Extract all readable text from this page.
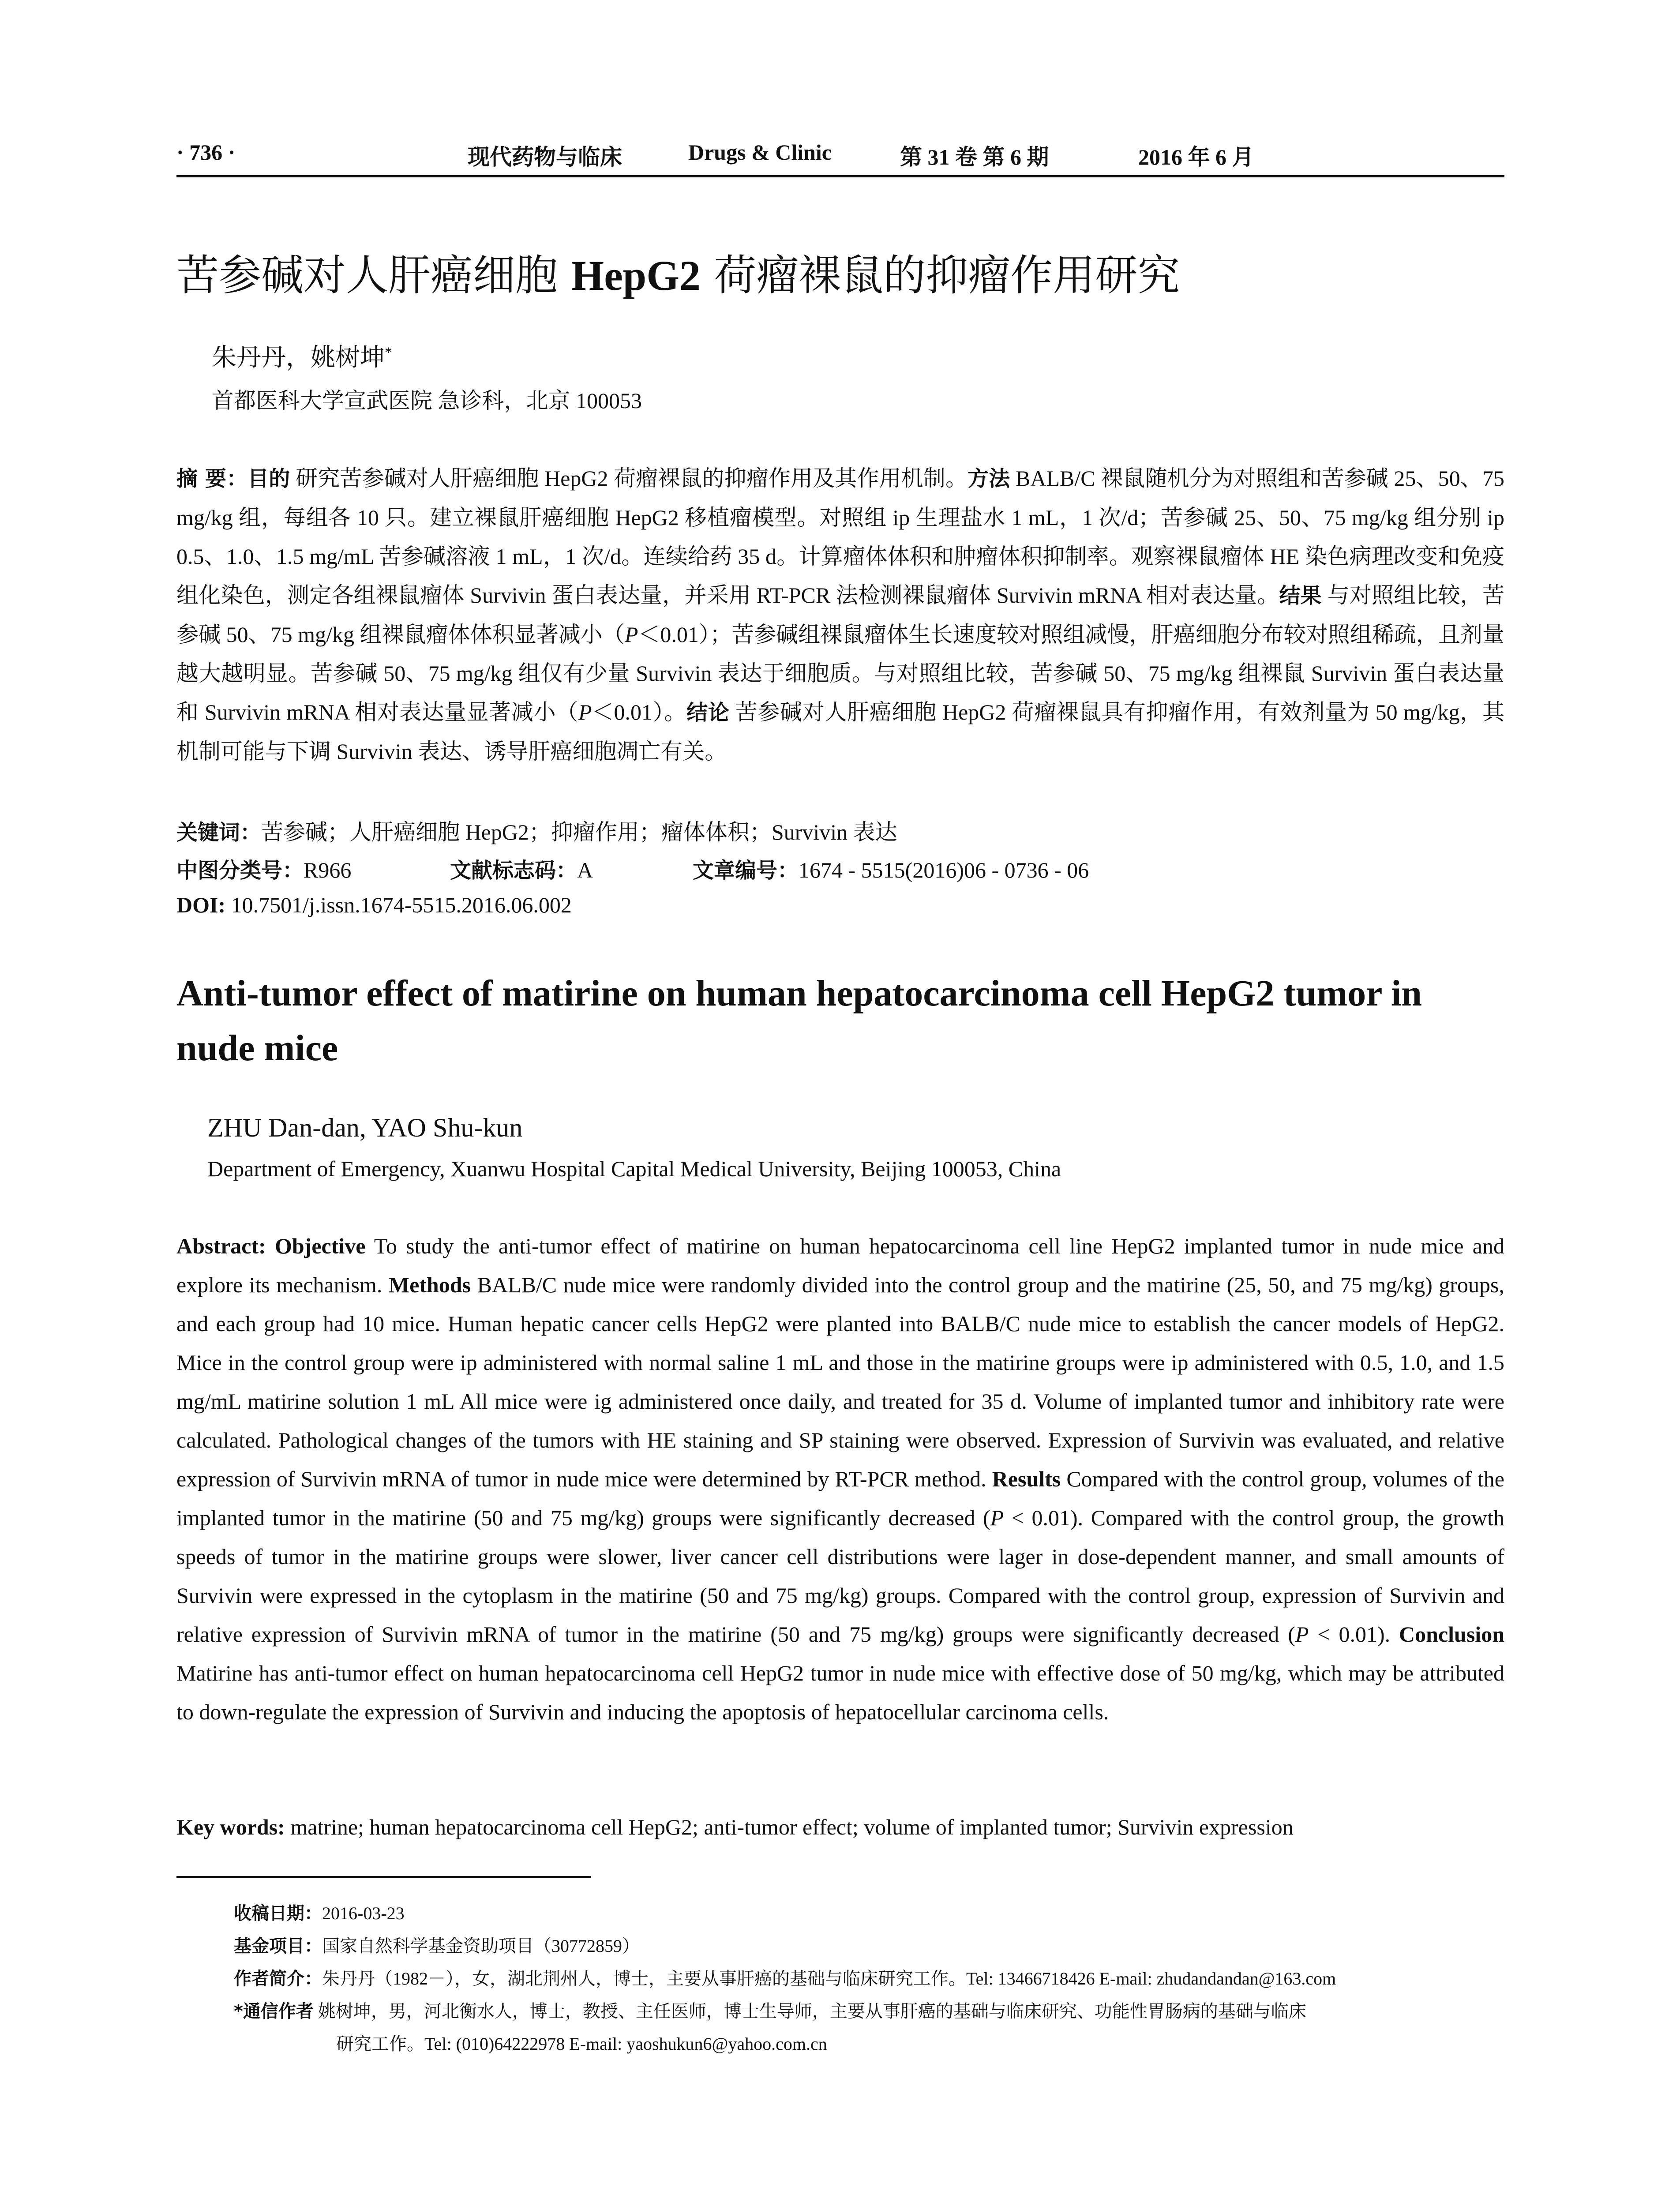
· 736 ·	现代药物与临床	Drugs & Clinic	第 31 卷 第 6 期	2016 年 6 月
苦参碱对人肝癌细胞 HepG2 荷瘤裸鼠的抑瘤作用研究
朱丹丹，姚树坤*
首都医科大学宣武医院 急诊科，北京 100053

摘 要：目的 研究苦参碱对人肝癌细胞 HepG2 荷瘤裸鼠的抑瘤作用及其作用机制。方法 BALB/C 裸鼠随机分为对照组和苦参碱 25、50、75 mg/kg 组，每组各 10 只。建立裸鼠肝癌细胞 HepG2 移植瘤模型。对照组 ip 生理盐水 1 mL，1 次/d；苦参碱 25、50、75 mg/kg 组分别 ip 0.5、1.0、1.5 mg/mL 苦参碱溶液 1 mL，1 次/d。连续给药 35 d。计算瘤体体积和肿瘤体积抑制率。观察裸鼠瘤体 HE 染色病理改变和免疫组化染色，测定各组裸鼠瘤体 Survivin 蛋白表达量，并采用 RT-PCR 法检测裸鼠瘤体 Survivin mRNA 相对表达量。结果 与对照组比较，苦参碱 50、75 mg/kg 组裸鼠瘤体体积显著减小（P＜0.01）；苦参碱组裸鼠瘤体生长速度较对照组减慢，肝癌细胞分布较对照组稀疏，且剂量越大越明显。苦参碱 50、75 mg/kg 组仅有少量 Survivin 表达于细胞质。与对照组比较，苦参碱 50、75 mg/kg 组裸鼠 Survivin 蛋白表达量和 Survivin mRNA 相对表达量显著减小（P＜0.01）。结论 苦参碱对人肝癌细胞 HepG2 荷瘤裸鼠具有抑瘤作用，有效剂量为 50 mg/kg，其机制可能与下调 Survivin 表达、诱导肝癌细胞凋亡有关。

关键词：苦参碱；人肝癌细胞 HepG2；抑瘤作用；瘤体体积；Survivin 表达
中图分类号：R966	文献标志码：A	文章编号：1674 - 5515(2016)06 - 0736 - 06
DOI: 10.7501/j.issn.1674-5515.2016.06.002
Anti-tumor effect of matirine on human hepatocarcinoma cell HepG2 tumor in nude mice
ZHU Dan-dan, YAO Shu-kun
Department of Emergency, Xuanwu Hospital Capital Medical University, Beijing 100053, China

Abstract: Objective To study the anti-tumor effect of matirine on human hepatocarcinoma cell line HepG2 implanted tumor in nude mice and explore its mechanism. Methods BALB/C nude mice were randomly divided into the control group and the matirine (25, 50, and 75 mg/kg) groups, and each group had 10 mice. Human hepatic cancer cells HepG2 were planted into BALB/C nude mice to establish the cancer models of HepG2. Mice in the control group were ip administered with normal saline 1 mL and those in the matirine groups were ip administered with 0.5, 1.0, and 1.5 mg/mL matirine solution 1 mL All mice were ig administered once daily, and treated for 35 d. Volume of implanted tumor and inhibitory rate were calculated. Pathological changes of the tumors with HE staining and SP staining were observed. Expression of Survivin was evaluated, and relative expression of Survivin mRNA of tumor in nude mice were determined by RT-PCR method. Results Compared with the control group, volumes of the implanted tumor in the matirine (50 and 75 mg/kg) groups were significantly decreased (P < 0.01). Compared with the control group, the growth speeds of tumor in the matirine groups were slower, liver cancer cell distributions were lager in dose-dependent manner, and small amounts of Survivin were expressed in the cytoplasm in the matirine (50 and 75 mg/kg) groups. Compared with the control group, expression of Survivin and relative expression of Survivin mRNA of tumor in the matirine (50 and 75 mg/kg) groups were significantly decreased (P < 0.01). Conclusion Matirine has anti-tumor effect on human hepatocarcinoma cell HepG2 tumor in nude mice with effective dose of 50 mg/kg, which may be attributed to down-regulate the expression of Survivin and inducing the apoptosis of hepatocellular carcinoma cells.

Key words: matrine; human hepatocarcinoma cell HepG2; anti-tumor effect; volume of implanted tumor; Survivin expression
收稿日期：2016-03-23
基金项目：国家自然科学基金资助项目（30772859）
作者简介：朱丹丹（1982－），女，湖北荆州人，博士，主要从事肝癌的基础与临床研究工作。Tel: 13466718426 E-mail: zhudandandan@163.com
*通信作者 姚树坤，男，河北衡水人，博士，教授、主任医师，博士生导师，主要从事肝癌的基础与临床研究、功能性胃肠病的基础与临床
研究工作。Tel: (010)64222978 E-mail: yaoshukun6@yahoo.com.cn
